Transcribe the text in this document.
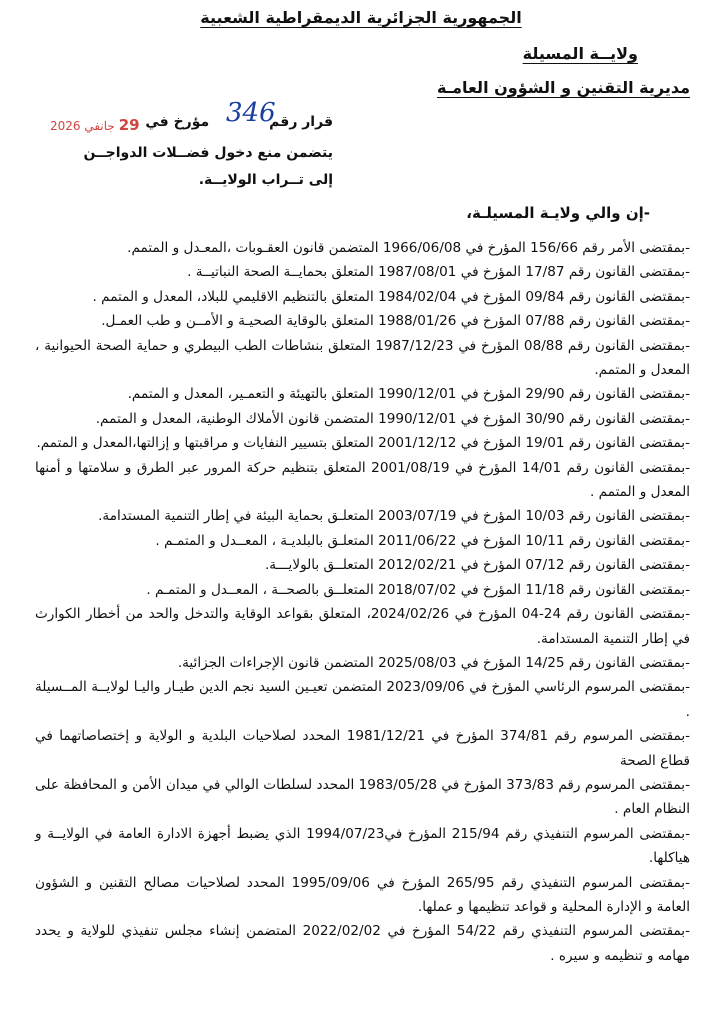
الجمهورية الجزائرية الديمقراطية الشعبية
ولايــة المسيلة
مديرية التقنين و الشؤون العامـة
قرار رقممؤرخ في 346
29 جانفي 2026
يتضمن منع دخول فضــلات الدواجــن
إلى تــراب الولايــة.
-إن والي ولايـة المسيلـة،

-بمقتضى الأمر رقم 156/66 المؤرخ في 1966/06/08 المتضمن قانون العقـوبات ،المعـدل و المتمم.

-بمقتضى القانون رقم 17/87 المؤرخ في 1987/08/01 المتعلق بحمايــة الصحة النباتيــة .

-بمقتضى القانون رقم 09/84 المؤرخ في 1984/02/04 المتعلق بالتنظيم الاقليمي للبلاد، المعدل و المتمم .

-بمقتضى القانون رقم 07/88 المؤرخ في 1988/01/26 المتعلق بالوقاية الصحيـة و الأمــن و طب العمـل.

-بمقتضى القانون رقم 08/88 المؤرخ في 1987/12/23 المتعلق بنشاطات الطب البيطري و حماية الصحة الحيوانية ، المعدل و المتمم.

-بمقتضى القانون رقم 29/90 المؤرخ في 1990/12/01 المتعلق بالتهيئة و التعمـير، المعدل و المتمم.

-بمقتضى القانون رقم 30/90 المؤرخ في 1990/12/01 المتضمن قانون الأملاك الوطنية، المعدل و المتمم.

-بمقتضى القانون رقم 19/01 المؤرخ في 2001/12/12 المتعلق بتسيير النفايات و مراقبتها و إزالتها،المعدل و المتمم.

-بمقتضى القانون رقم 14/01 المؤرخ في 2001/08/19 المتعلق بتنظيم حركة المرور عبر الطرق و سلامتها و أمنها المعدل و المتمم .

-بمقتضى القانون رقم 10/03 المؤرخ في 2003/07/19 المتعلـق بحماية البيئة في إطار التنمية المستدامة.

-بمقتضى القانون رقم 10/11 المؤرخ في 2011/06/22 المتعلـق بالبلديـة ، المعــدل و المتمـم .

-بمقتضى القانون رقم 07/12 المؤرخ في 2012/02/21 المتعلــق بالولايـــة.

-بمقتضى القانون رقم 11/18 المؤرخ في 2018/07/02 المتعلــق بالصحــة ، المعــدل و المتمـم .

-بمقتضى القانون رقم 24-04 المؤرخ في 2024/02/26، المتعلق بقواعد الوقاية والتدخل والحد من أخطار الكوارث في إطار التنمية المستدامة.

-بمقتضى القانون رقم 14/25 المؤرخ في 2025/08/03 المتضمن قانون الإجراءات الجزائية.

-بمقتضى المرسوم الرئاسي المؤرخ في 2023/09/06 المتضمن تعيـين السيد نجم الدين طيـار واليـا لولايــة المــسيلة .

-بمقتضى المرسوم رقم 374/81 المؤرخ في 1981/12/21 المحدد لصلاحيات البلدية و الولاية و إختصاصاتهما في قطاع الصحة

-بمقتضى المرسوم رقم 373/83 المؤرخ في 1983/05/28 المحدد لسلطات الوالي في ميدان الأمن و المحافظة على النظام العام .

-بمقتضى المرسوم التنفيذي رقم 215/94 المؤرخ في1994/07/23 الذي يضبط أجهزة الادارة العامة في الولايــة و هياكلها.

-بمقتضى المرسوم التنفيذي رقم 265/95 المؤرخ في 1995/09/06 المحدد لصلاحيات مصالح التقنين و الشؤون العامة و الإدارة المحلية و قواعد تنظيمها و عملها.

-بمقتضى المرسوم التنفيذي رقم 54/22 المؤرخ في 2022/02/02 المتضمن إنشاء مجلس تنفيذي للولاية و يحدد مهامه و تنظيمه و سيره .
